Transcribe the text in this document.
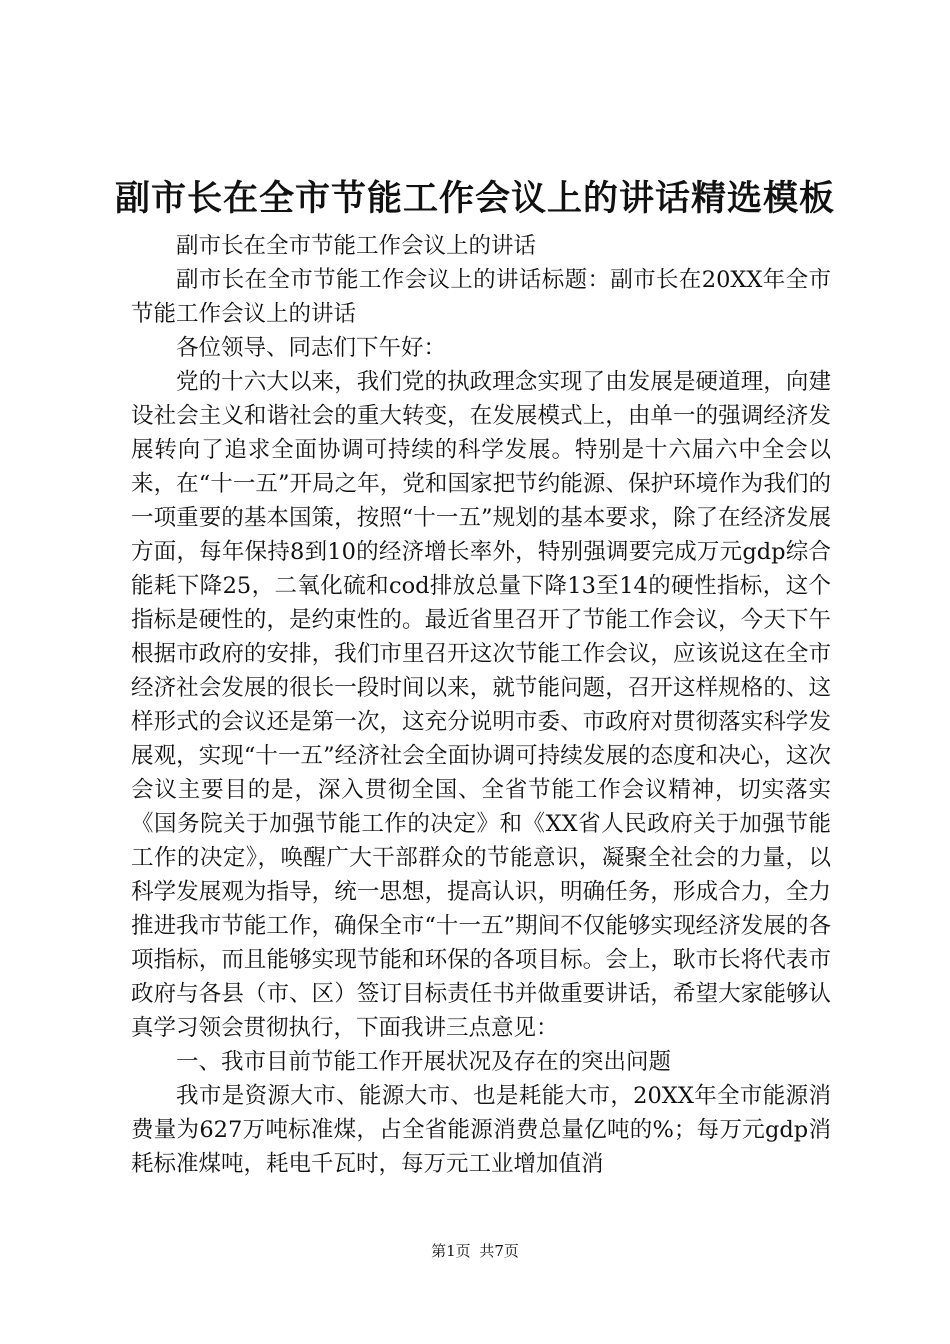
副市长在全市节能工作会议上的讲话精选模板

副市长在全市节能工作会议上的讲话

副市长在全市节能工作会议上的讲话标题：副市长在20XX年全市节能工作会议上的讲话

各位领导、同志们下午好：

党的十六大以来，我们党的执政理念实现了由发展是硬道理，向建设社会主义和谐社会的重大转变，在发展模式上，由单一的强调经济发展转向了追求全面协调可持续的科学发展。特别是十六届六中全会以来，在“十一五”开局之年，党和国家把节约能源、保护环境作为我们的一项重要的基本国策，按照“十一五”规划的基本要求，除了在经济发展方面，每年保持8到10的经济增长率外，特别强调要完成万元gdp综合能耗下降25，二氧化硫和cod排放总量下降13至14的硬性指标，这个指标是硬性的，是约束性的。最近省里召开了节能工作会议，今天下午根据市政府的安排，我们市里召开这次节能工作会议，应该说这在全市经济社会发展的很长一段时间以来，就节能问题，召开这样规格的、这样形式的会议还是第一次，这充分说明市委、市政府对贯彻落实科学发展观，实现“十一五”经济社会全面协调可持续发展的态度和决心，这次会议主要目的是，深入贯彻全国、全省节能工作会议精神，切实落实《国务院关于加强节能工作的决定》和《XX省人民政府关于加强节能工作的决定》，唤醒广大干部群众的节能意识，凝聚全社会的力量，以科学发展观为指导，统一思想，提高认识，明确任务，形成合力，全力推进我市节能工作，确保全市“十一五”期间不仅能够实现经济发展的各项指标，而且能够实现节能和环保的各项目标。会上，耿市长将代表市政府与各县（市、区）签订目标责任书并做重要讲话，希望大家能够认真学习领会贯彻执行，下面我讲三点意见：

一、我市目前节能工作开展状况及存在的突出问题

我市是资源大市、能源大市、也是耗能大市，20XX年全市能源消费量为627万吨标准煤，占全省能源消费总量亿吨的%；每万元gdp消耗标准煤吨，耗电千瓦时，每万元工业增加值消

第1页 共7页
